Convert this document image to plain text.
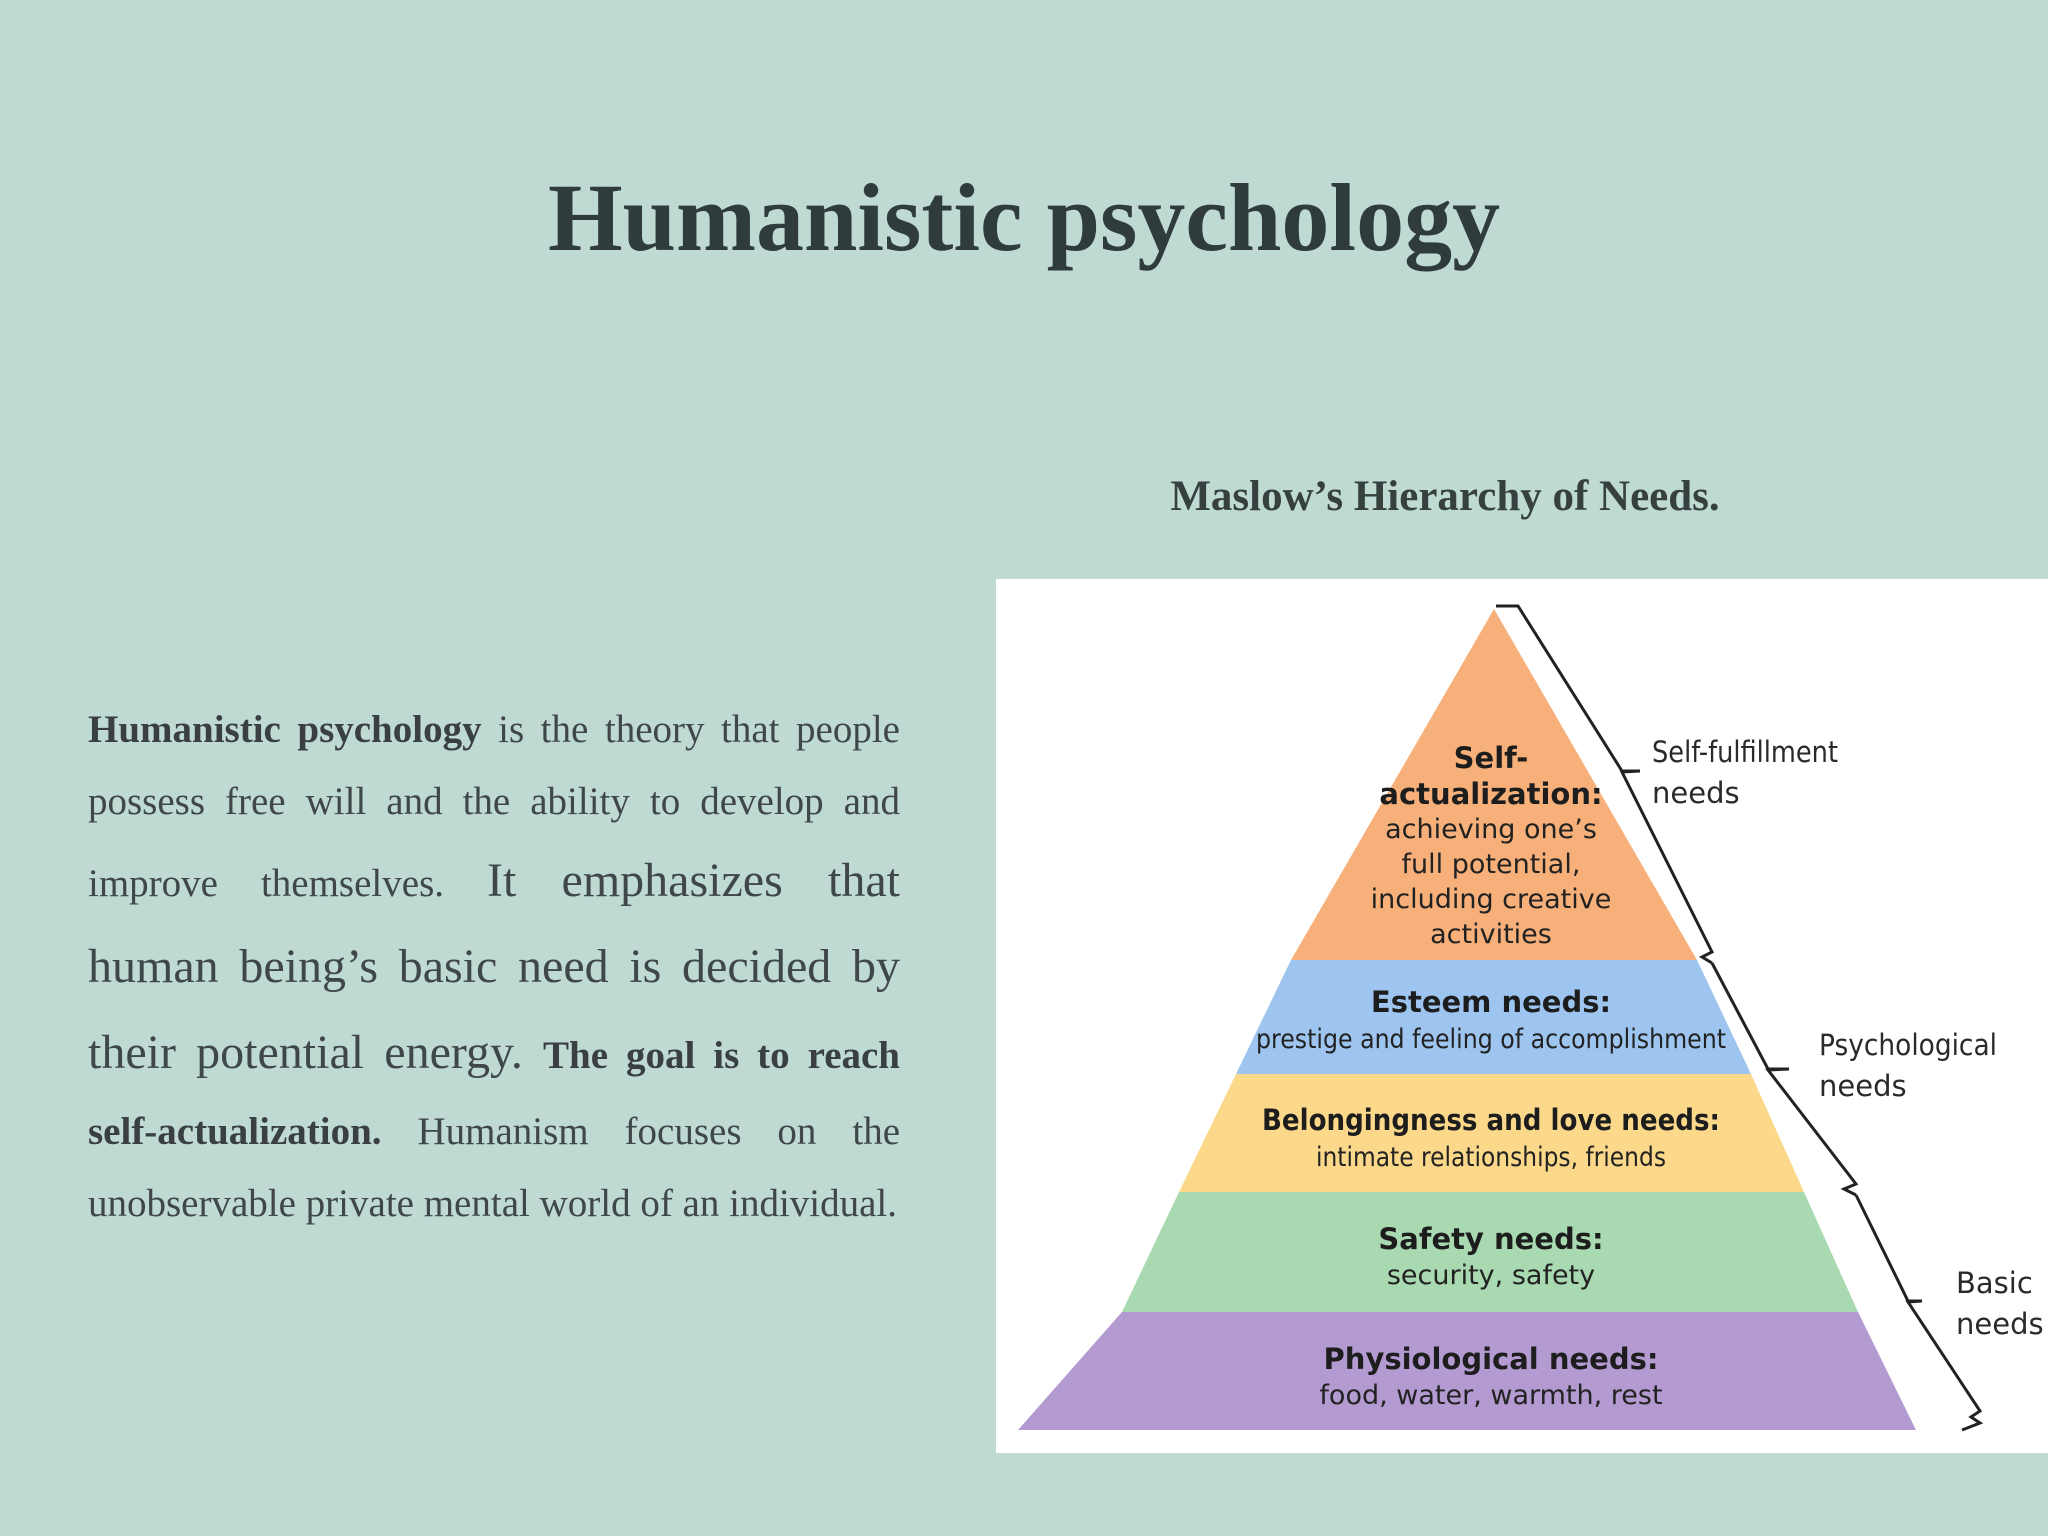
Humanistic psychology
Maslow’s Hierarchy of Needs.

Humanistic psychology is the theory that people possess free will and the ability to develop and improve themselves. It emphasizes that human being’s basic need is decided by their potential energy. The goal is to reach self-actualization. Humanism focuses on the unobservable private mental world of an individual.

Self-
actualization:
achieving one’s
full potential,
including creative
activities
Esteem needs:
prestige and feeling of accomplishment
Belongingness and love needs:
intimate relationships, friends
Safety needs:
security, safety
Physiological needs:
food, water, warmth, rest
Self-fulfillment
needs
Psychological
needs
Basic
needs
